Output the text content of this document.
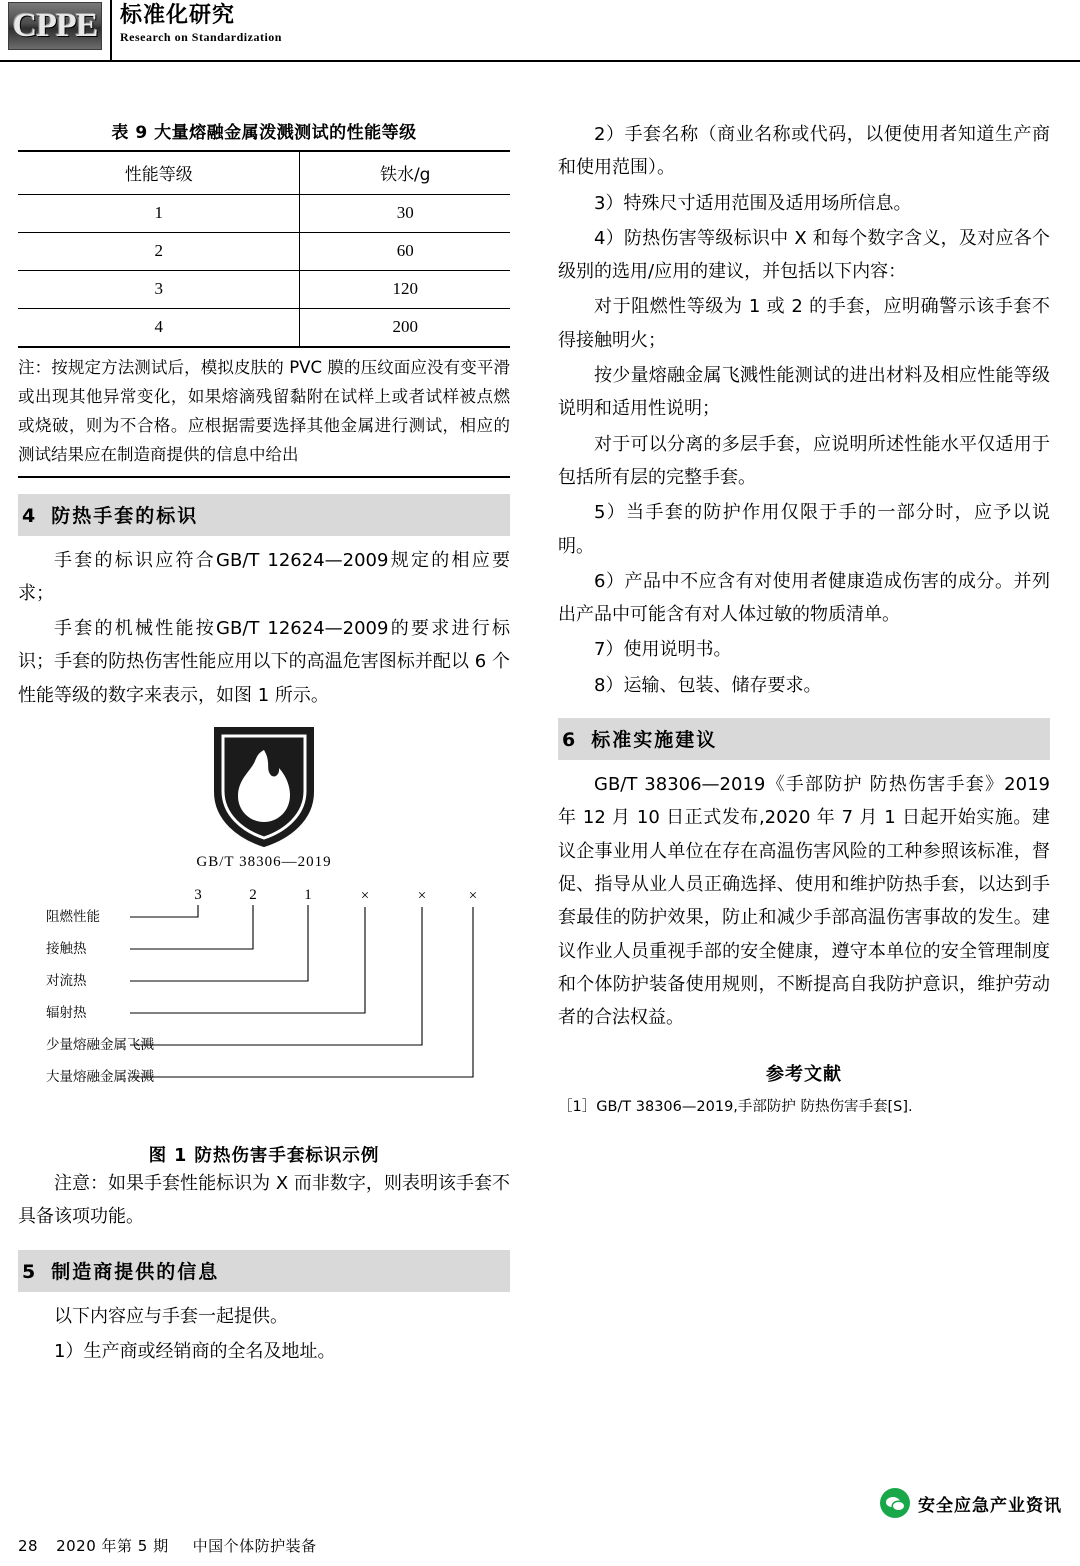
CPPE 标准化研究
Research on Standardization
表 9 大量熔融金属泼溅测试的性能等级
性能等级	铁水/g
1	30
2	60
3	120
4	200
注：按规定方法测试后，模拟皮肤的 PVC 膜的压纹面应没有变平滑或出现其他异常变化，如果熔滴残留黏附在试样上或者试样被点燃或烧破，则为不合格。应根据需要选择其他金属进行测试，相应的测试结果应在制造商提供的信息中给出
4 防热手套的标识

手套的标识应符合GB/T 12624—2009规定的相应要求；

手套的机械性能按GB/T 12624—2009的要求进行标识；手套的防热伤害性能应用以下的高温危害图标并配以 6 个性能等级的数字来表示，如图 1 所示。

GB/T 38306—2019
3	2	1	×	×	×
阻燃性能
接触热
对流热
辐射热
少量熔融金属飞溅
大量熔融金属泼溅
图 1 防热伤害手套标识示例

注意：如果手套性能标识为 X 而非数字，则表明该手套不具备该项功能。

5 制造商提供的信息

以下内容应与手套一起提供。

1）生产商或经销商的全名及地址。

2）手套名称（商业名称或代码，以便使用者知道生产商和使用范围）。

3）特殊尺寸适用范围及适用场所信息。

4）防热伤害等级标识中 X 和每个数字含义，及对应各个级别的选用/应用的建议，并包括以下内容：

对于阻燃性等级为 1 或 2 的手套，应明确警示该手套不得接触明火；

按少量熔融金属飞溅性能测试的进出材料及相应性能等级说明和适用性说明；

对于可以分离的多层手套，应说明所述性能水平仅适用于包括所有层的完整手套。

5）当手套的防护作用仅限于手的一部分时，应予以说明。

6）产品中不应含有对使用者健康造成伤害的成分。并列出产品中可能含有对人体过敏的物质清单。

7）使用说明书。

8）运输、包装、储存要求。

6 标准实施建议

GB/T 38306—2019《手部防护 防热伤害手套》2019 年 12 月 10 日正式发布,2020 年 7 月 1 日起开始实施。建议企事业用人单位在存在高温伤害风险的工种参照该标准，督促、指导从业人员正确选择、使用和维护防热手套，以达到手套最佳的防护效果，防止和减少手部高温伤害事故的发生。建议作业人员重视手部的安全健康，遵守本单位的安全管理制度和个体防护装备使用规则，不断提高自我防护意识，维护劳动者的合法权益。

参考文献
［1］GB/T 38306—2019,手部防护 防热伤害手套[S].
安全应急产业资讯
28 2020 年第 5 期 中国个体防护装备
